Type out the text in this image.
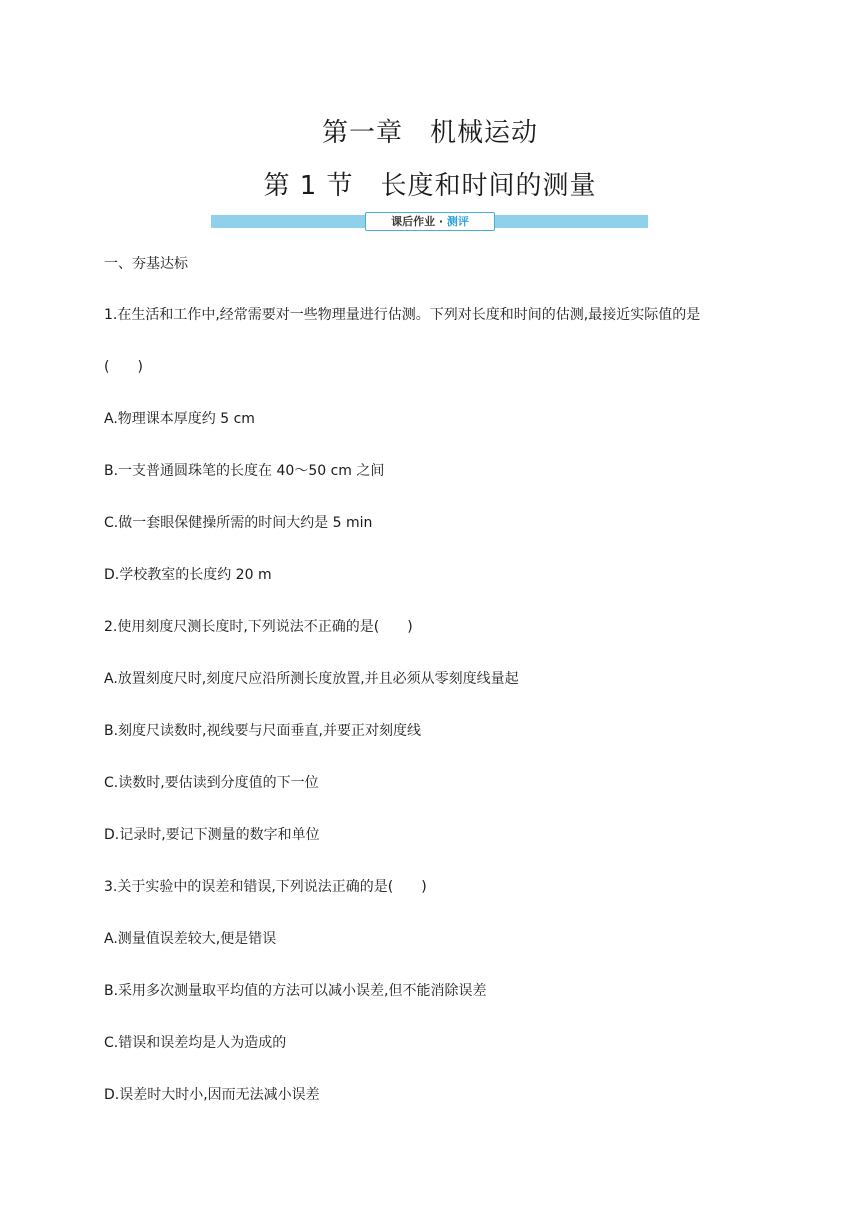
第一章　机械运动
第 1 节　长度和时间的测量
课后作业 · 测评
一、夯基达标
1.在生活和工作中,经常需要对一些物理量进行估测。下列对长度和时间的估测,最接近实际值的是
(　　)
A.物理课本厚度约 5 cm
B.一支普通圆珠笔的长度在 40～50 cm 之间
C.做一套眼保健操所需的时间大约是 5 min
D.学校教室的长度约 20 m
2.使用刻度尺测长度时,下列说法不正确的是(　　)
A.放置刻度尺时,刻度尺应沿所测长度放置,并且必须从零刻度线量起
B.刻度尺读数时,视线要与尺面垂直,并要正对刻度线
C.读数时,要估读到分度值的下一位
D.记录时,要记下测量的数字和单位
3.关于实验中的误差和错误,下列说法正确的是(　　)
A.测量值误差较大,便是错误
B.采用多次测量取平均值的方法可以减小误差,但不能消除误差
C.错误和误差均是人为造成的
D.误差时大时小,因而无法减小误差
